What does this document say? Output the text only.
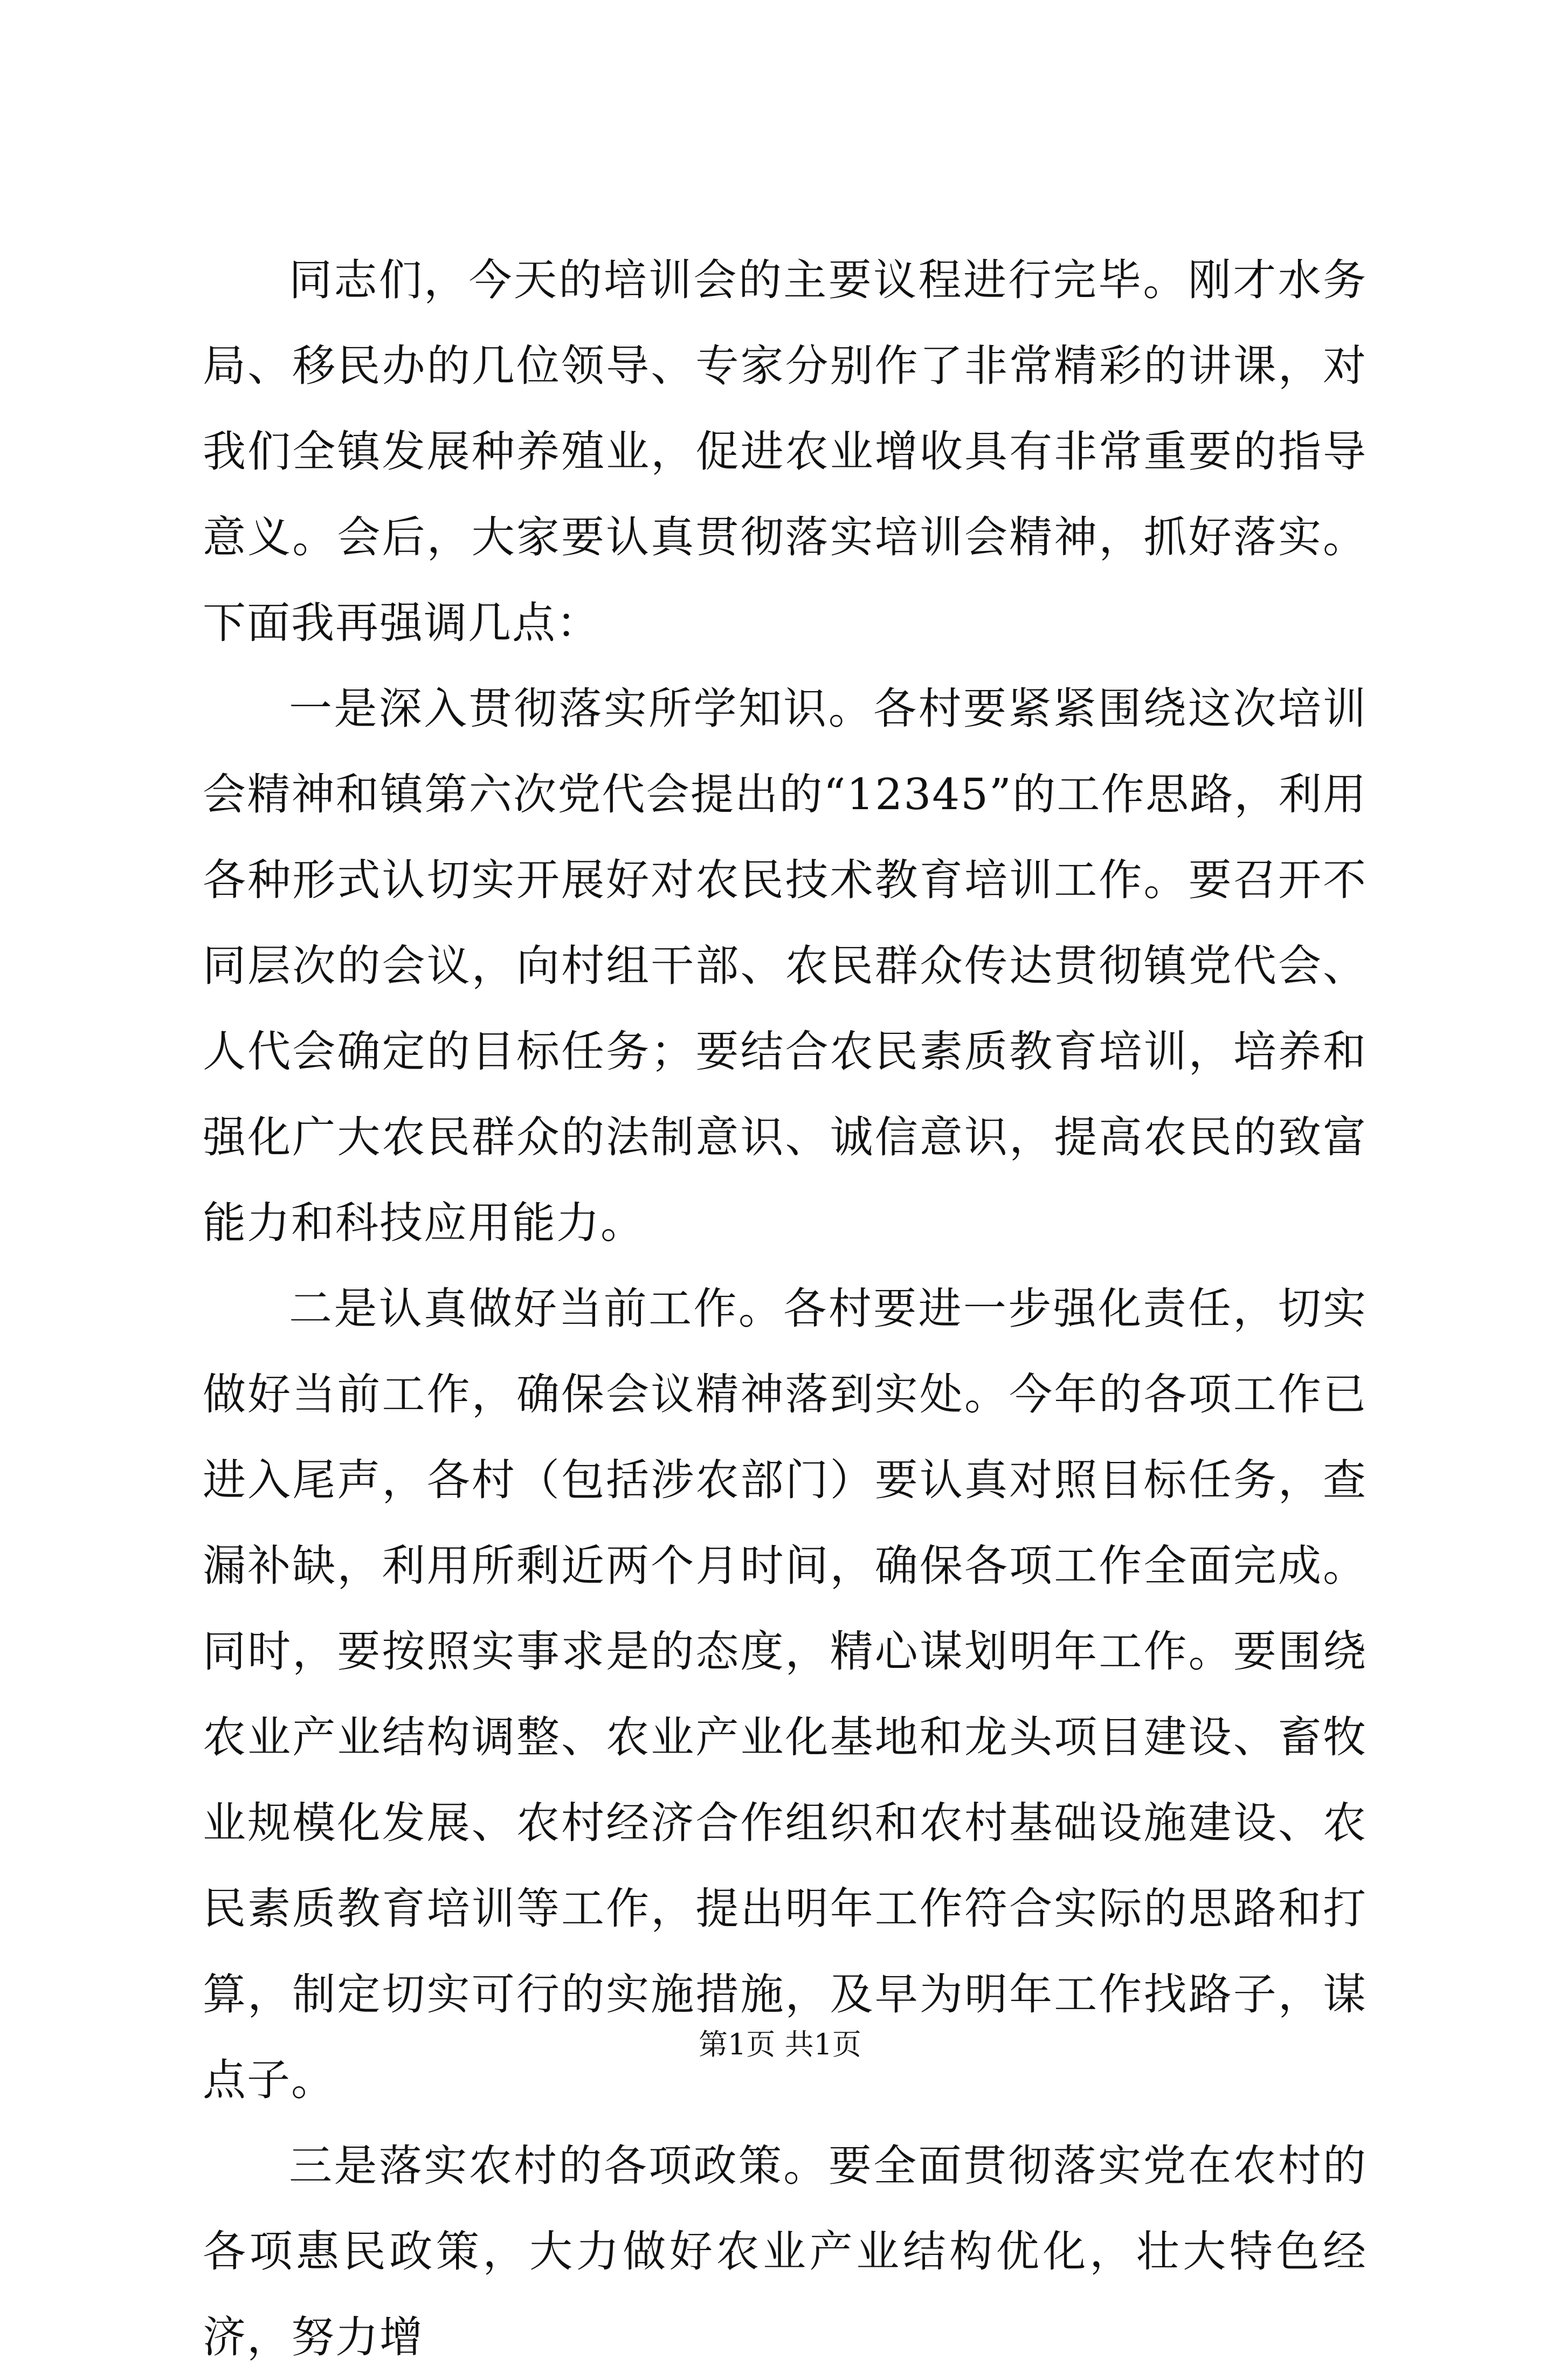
同志们，今天的培训会的主要议程进行完毕。刚才水务局、移民办的几位领导、专家分别作了非常精彩的讲课，对我们全镇发展种养殖业，促进农业增收具有非常重要的指导意义。会后，大家要认真贯彻落实培训会精神，抓好落实。下面我再强调几点：

一是深入贯彻落实所学知识。各村要紧紧围绕这次培训会精神和镇第六次党代会提出的“12345”的工作思路，利用各种形式认切实开展好对农民技术教育培训工作。要召开不同层次的会议，向村组干部、农民群众传达贯彻镇党代会、人代会确定的目标任务；要结合农民素质教育培训，培养和强化广大农民群众的法制意识、诚信意识，提高农民的致富能力和科技应用能力。

二是认真做好当前工作。各村要进一步强化责任，切实做好当前工作，确保会议精神落到实处。今年的各项工作已进入尾声，各村（包括涉农部门）要认真对照目标任务，查漏补缺，利用所剩近两个月时间，确保各项工作全面完成。同时，要按照实事求是的态度，精心谋划明年工作。要围绕农业产业结构调整、农业产业化基地和龙头项目建设、畜牧业规模化发展、农村经济合作组织和农村基础设施建设、农民素质教育培训等工作，提出明年工作符合实际的思路和打算，制定切实可行的实施措施，及早为明年工作找路子，谋点子。

三是落实农村的各项政策。要全面贯彻落实党在农村的各项惠民政策，大力做好农业产业结构优化，壮大特色经济，努力增

第1页 共1页
